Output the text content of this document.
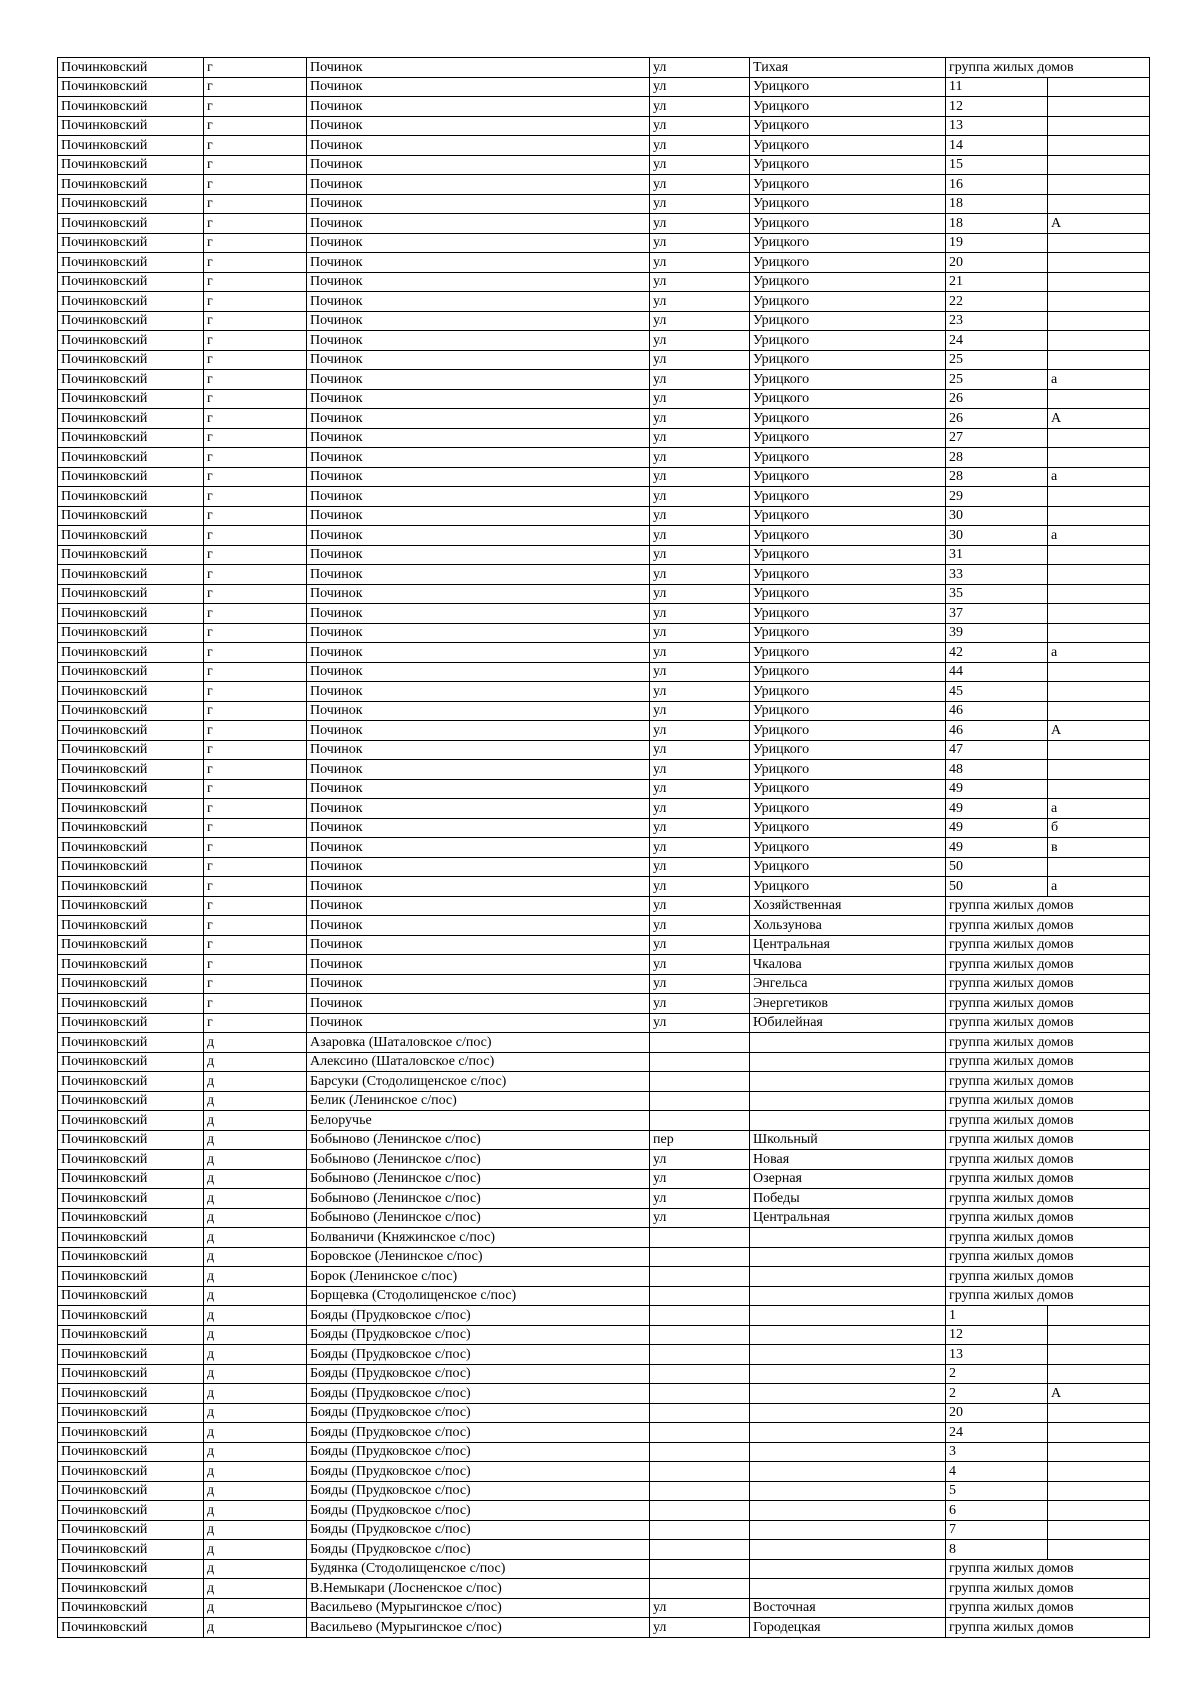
Починковский	г	Починок	ул	Тихая	группа жилых домов	
Починковский	г	Починок	ул	Урицкого	11	
Починковский	г	Починок	ул	Урицкого	12	
Починковский	г	Починок	ул	Урицкого	13	
Починковский	г	Починок	ул	Урицкого	14	
Починковский	г	Починок	ул	Урицкого	15	
Починковский	г	Починок	ул	Урицкого	16	
Починковский	г	Починок	ул	Урицкого	18	
Починковский	г	Починок	ул	Урицкого	18	А
Починковский	г	Починок	ул	Урицкого	19	
Починковский	г	Починок	ул	Урицкого	20	
Починковский	г	Починок	ул	Урицкого	21	
Починковский	г	Починок	ул	Урицкого	22	
Починковский	г	Починок	ул	Урицкого	23	
Починковский	г	Починок	ул	Урицкого	24	
Починковский	г	Починок	ул	Урицкого	25	
Починковский	г	Починок	ул	Урицкого	25	а
Починковский	г	Починок	ул	Урицкого	26	
Починковский	г	Починок	ул	Урицкого	26	А
Починковский	г	Починок	ул	Урицкого	27	
Починковский	г	Починок	ул	Урицкого	28	
Починковский	г	Починок	ул	Урицкого	28	а
Починковский	г	Починок	ул	Урицкого	29	
Починковский	г	Починок	ул	Урицкого	30	
Починковский	г	Починок	ул	Урицкого	30	а
Починковский	г	Починок	ул	Урицкого	31	
Починковский	г	Починок	ул	Урицкого	33	
Починковский	г	Починок	ул	Урицкого	35	
Починковский	г	Починок	ул	Урицкого	37	
Починковский	г	Починок	ул	Урицкого	39	
Починковский	г	Починок	ул	Урицкого	42	а
Починковский	г	Починок	ул	Урицкого	44	
Починковский	г	Починок	ул	Урицкого	45	
Починковский	г	Починок	ул	Урицкого	46	
Починковский	г	Починок	ул	Урицкого	46	А
Починковский	г	Починок	ул	Урицкого	47	
Починковский	г	Починок	ул	Урицкого	48	
Починковский	г	Починок	ул	Урицкого	49	
Починковский	г	Починок	ул	Урицкого	49	а
Починковский	г	Починок	ул	Урицкого	49	б
Починковский	г	Починок	ул	Урицкого	49	в
Починковский	г	Починок	ул	Урицкого	50	
Починковский	г	Починок	ул	Урицкого	50	а
Починковский	г	Починок	ул	Хозяйственная	группа жилых домов	
Починковский	г	Починок	ул	Хользунова	группа жилых домов	
Починковский	г	Починок	ул	Центральная	группа жилых домов	
Починковский	г	Починок	ул	Чкалова	группа жилых домов	
Починковский	г	Починок	ул	Энгельса	группа жилых домов	
Починковский	г	Починок	ул	Энергетиков	группа жилых домов	
Починковский	г	Починок	ул	Юбилейная	группа жилых домов	
Починковский	д	Азаровка (Шаталовское с/пос)			группа жилых домов	
Починковский	д	Алексино (Шаталовское с/пос)			группа жилых домов	
Починковский	д	Барсуки (Стодолищенское с/пос)			группа жилых домов	
Починковский	д	Белик (Ленинское с/пос)			группа жилых домов	
Починковский	д	Белоручье			группа жилых домов	
Починковский	д	Бобыново (Ленинское с/пос)	пер	Школьный	группа жилых домов	
Починковский	д	Бобыново (Ленинское с/пос)	ул	Новая	группа жилых домов	
Починковский	д	Бобыново (Ленинское с/пос)	ул	Озерная	группа жилых домов	
Починковский	д	Бобыново (Ленинское с/пос)	ул	Победы	группа жилых домов	
Починковский	д	Бобыново (Ленинское с/пос)	ул	Центральная	группа жилых домов	
Починковский	д	Болваничи (Княжинское с/пос)			группа жилых домов	
Починковский	д	Боровское (Ленинское с/пос)			группа жилых домов	
Починковский	д	Борок (Ленинское с/пос)			группа жилых домов	
Починковский	д	Борщевка (Стодолищенское с/пос)			группа жилых домов	
Починковский	д	Бояды (Прудковское с/пос)			1	
Починковский	д	Бояды (Прудковское с/пос)			12	
Починковский	д	Бояды (Прудковское с/пос)			13	
Починковский	д	Бояды (Прудковское с/пос)			2	
Починковский	д	Бояды (Прудковское с/пос)			2	А
Починковский	д	Бояды (Прудковское с/пос)			20	
Починковский	д	Бояды (Прудковское с/пос)			24	
Починковский	д	Бояды (Прудковское с/пос)			3	
Починковский	д	Бояды (Прудковское с/пос)			4	
Починковский	д	Бояды (Прудковское с/пос)			5	
Починковский	д	Бояды (Прудковское с/пос)			6	
Починковский	д	Бояды (Прудковское с/пос)			7	
Починковский	д	Бояды (Прудковское с/пос)			8	
Починковский	д	Будянка (Стодолищенское с/пос)			группа жилых домов	
Починковский	д	В.Немыкари (Лосненское с/пос)			группа жилых домов	
Починковский	д	Васильево (Мурыгинское с/пос)	ул	Восточная	группа жилых домов	
Починковский	д	Васильево (Мурыгинское с/пос)	ул	Городецкая	группа жилых домов	
